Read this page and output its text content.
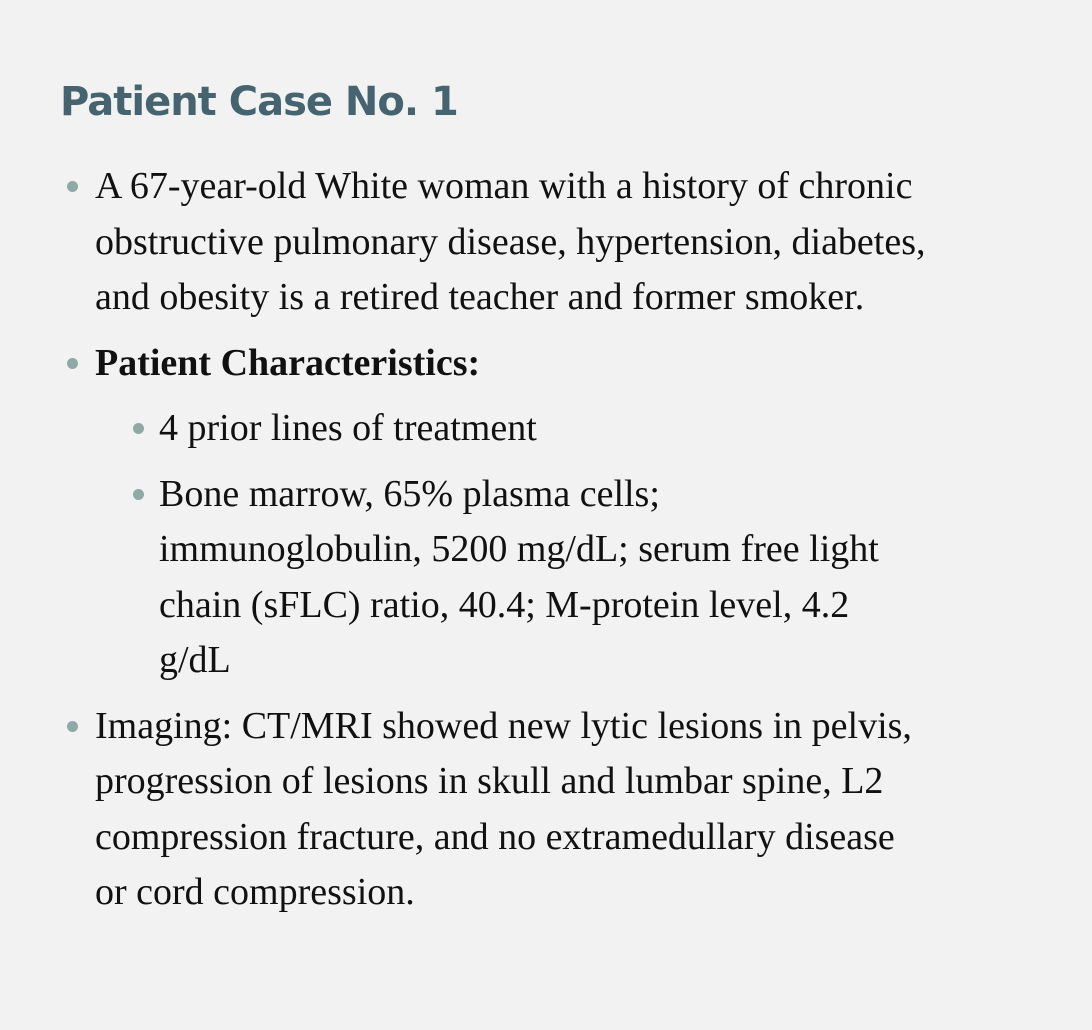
Patient Case No. 1
A 67-year-old White woman with a history of chronic obstructive pulmonary disease, hypertension, diabetes, and obesity is a retired teacher and former smoker.
Patient Characteristics:
4 prior lines of treatment
Bone marrow, 65% plasma cells; immunoglobulin, 5200 mg/dL; serum free light chain (sFLC) ratio, 40.4; M-protein level, 4.2 g/dL
Imaging: CT/MRI showed new lytic lesions in pelvis, progression of lesions in skull and lumbar spine, L2 compression fracture, and no extramedullary disease or cord compression.
